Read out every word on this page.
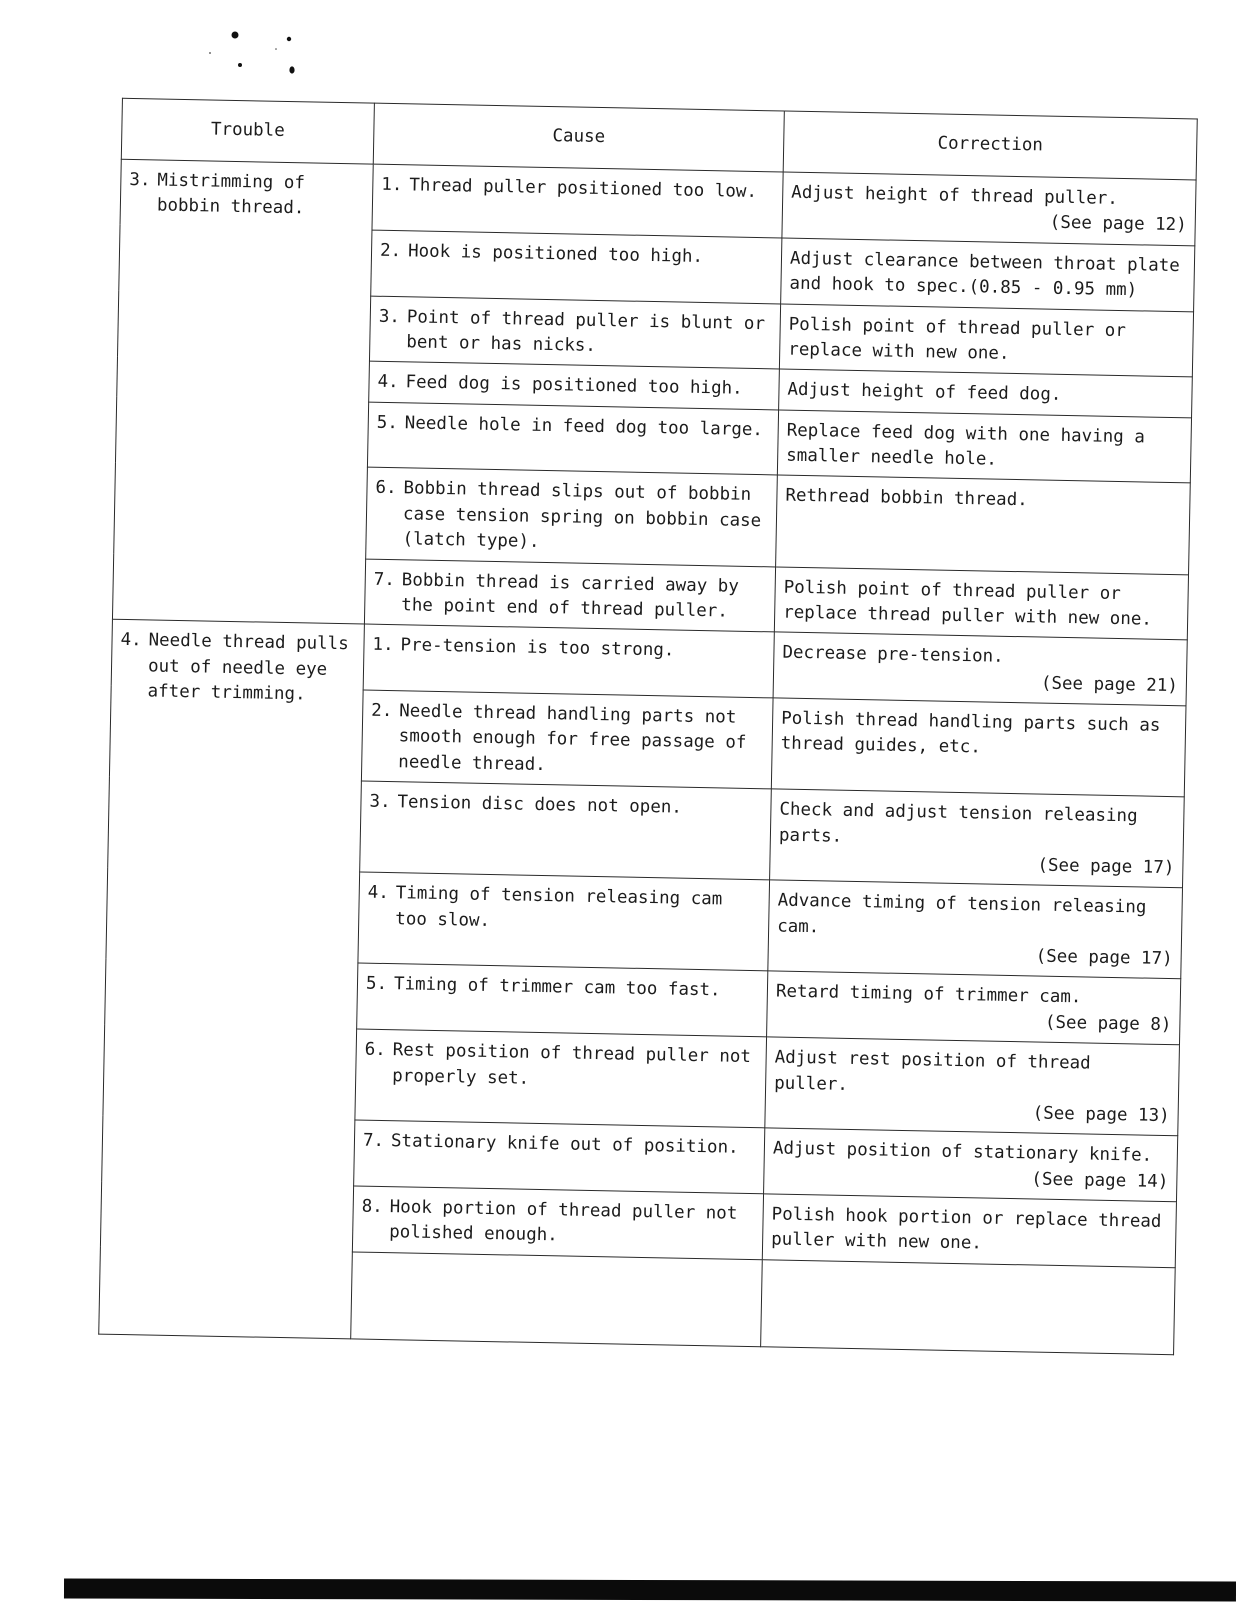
Trouble	Cause	Correction

3. Mistrimming of bobbin thread.	1. Thread puller positioned too low.	Adjust height of thread puller.
(See page 12)

	2. Hook is positioned too high.	Adjust clearance between throat plate and hook to spec.(0.85 - 0.95 mm)

	3. Point of thread puller is blunt or bent or has nicks.	Polish point of thread puller or replace with new one.

	4. Feed dog is positioned too high.	Adjust height of feed dog.

	5. Needle hole in feed dog too large.	Replace feed dog with one having a smaller needle hole.

	6. Bobbin thread slips out of bobbin case tension spring on bobbin case (latch type).	Rethread bobbin thread.

	7. Bobbin thread is carried away by the point end of thread puller.	Polish point of thread puller or replace thread puller with new one.

4. Needle thread pulls out of needle eye after trimming.	1. Pre-tension is too strong.	Decrease pre-tension.
(See page 21)

	2. Needle thread handling parts not smooth enough for free passage of needle thread.	Polish thread handling parts such as thread guides, etc.

	3. Tension disc does not open.	Check and adjust tension releasing parts.
(See page 17)

	4. Timing of tension releasing cam too slow.	Advance timing of tension releasing cam.
(See page 17)

	5. Timing of trimmer cam too fast.	Retard timing of trimmer cam.
(See page 8)

	6. Rest position of thread puller not properly set.	Adjust rest position of thread puller.
(See page 13)

	7. Stationary knife out of position.	Adjust position of stationary knife.
(See page 14)

	8. Hook portion of thread puller not polished enough.	Polish hook portion or replace thread puller with new one.
